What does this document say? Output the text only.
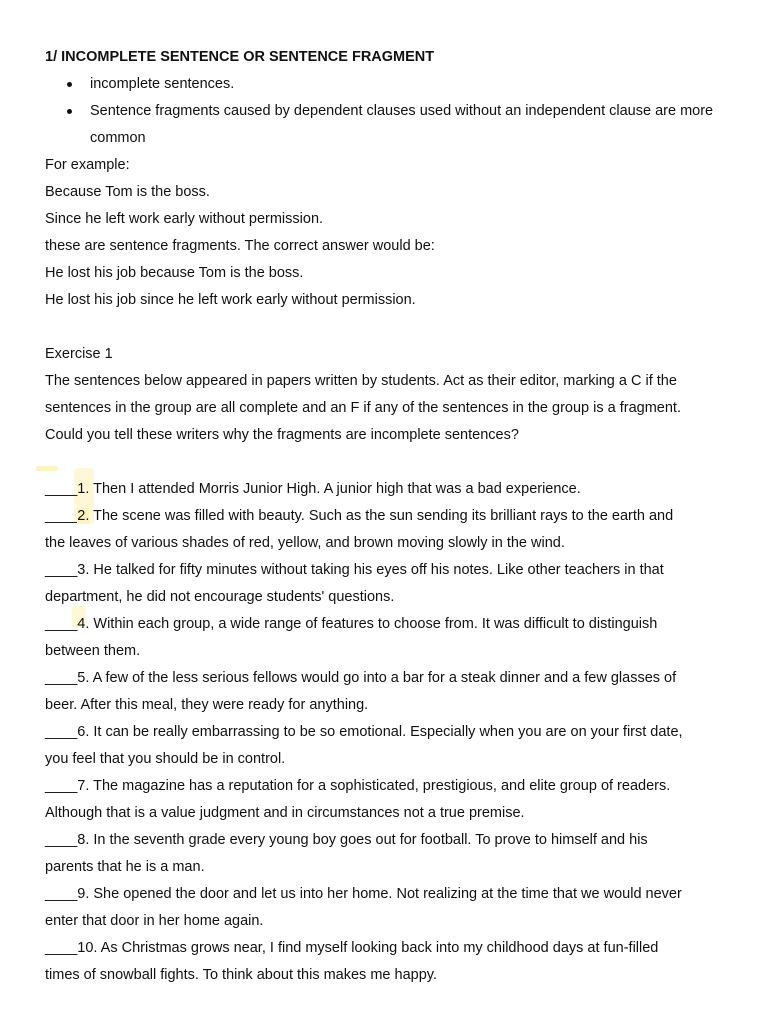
1/ INCOMPLETE SENTENCE OR SENTENCE FRAGMENT
incomplete sentences.
Sentence fragments caused by dependent clauses used without an independent clause are more common
For example:
Because Tom is the boss.
Since he left work early without permission.
these are sentence fragments. The correct answer would be:
He lost his job because Tom is the boss.
He lost his job since he left work early without permission.
Exercise 1
The sentences below appeared in papers written by students. Act as their editor, marking a C if the
sentences in the group are all complete and an F if any of the sentences in the group is a fragment.
Could you tell these writers why the fragments are incomplete sentences?
____1. Then I attended Morris Junior High. A junior high that was a bad experience.
____2. The scene was filled with beauty. Such as the sun sending its brilliant rays to the earth and
the leaves of various shades of red, yellow, and brown moving slowly in the wind.
____3. He talked for fifty minutes without taking his eyes off his notes. Like other teachers in that
department, he did not encourage students' questions.
____4. Within each group, a wide range of features to choose from. It was difficult to distinguish
between them.
____5. A few of the less serious fellows would go into a bar for a steak dinner and a few glasses of
beer. After this meal, they were ready for anything.
____6. It can be really embarrassing to be so emotional. Especially when you are on your first date,
you feel that you should be in control.
____7. The magazine has a reputation for a sophisticated, prestigious, and elite group of readers.
Although that is a value judgment and in circumstances not a true premise.
____8. In the seventh grade every young boy goes out for football. To prove to himself and his
parents that he is a man.
____9. She opened the door and let us into her home. Not realizing at the time that we would never
enter that door in her home again.
____10. As Christmas grows near, I find myself looking back into my childhood days at fun-filled
times of snowball fights. To think about this makes me happy.
